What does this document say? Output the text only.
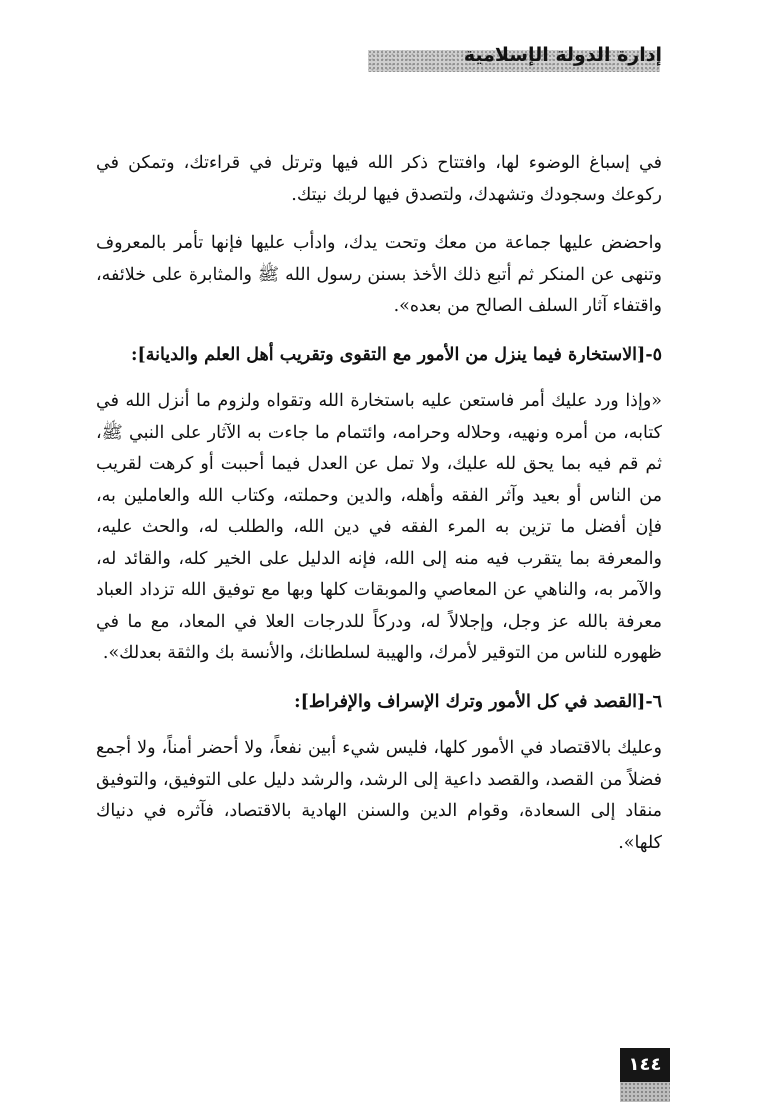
إدارة الدولة الإسلامية

في إسباغ الوضوء لها، وافتتاح ذكر الله فيها وترتل في قراءتك، وتمكن في ركوعك وسجودك وتشهدك، ولتصدق فيها لربك نيتك.

واحضض عليها جماعة من معك وتحت يدك، وادأب عليها فإنها تأمر بالمعروف وتنهى عن المنكر ثم أتبع ذلك الأخذ بسنن رسول الله ﷺ والمثابرة على خلائفه، واقتفاء آثار السلف الصالح من بعده».

٥-[الاستخارة فيما ينزل من الأمور مع التقوى وتقريب أهل العلم والديانة]:

«وإذا ورد عليك أمر فاستعن عليه باستخارة الله وتقواه ولزوم ما أنزل الله في كتابه، من أمره ونهيه، وحلاله وحرامه، وائتمام ما جاءت به الآثار على النبي ﷺ، ثم قم فيه بما يحق لله عليك، ولا تمل عن العدل فيما أحببت أو كرهت لقريب من الناس أو بعيد وآثر الفقه وأهله، والدين وحملته، وكتاب الله والعاملين به، فإن أفضل ما تزين به المرء الفقه في دين الله، والطلب له، والحث عليه، والمعرفة بما يتقرب فيه منه إلى الله، فإنه الدليل على الخير كله، والقائد له، والآمر به، والناهي عن المعاصي والموبقات كلها وبها مع توفيق الله تزداد العباد معرفة بالله عز وجل، وإجلالاً له، ودركاً للدرجات العلا في المعاد، مع ما في ظهوره للناس من التوقير لأمرك، والهيبة لسلطانك، والأنسة بك والثقة بعدلك».

٦-[القصد في كل الأمور وترك الإسراف والإفراط]:

وعليك بالاقتصاد في الأمور كلها، فليس شيء أبين نفعاً، ولا أحضر أمناً، ولا أجمع فضلاً من القصد، والقصد داعية إلى الرشد، والرشد دليل على التوفيق، والتوفيق منقاد إلى السعادة، وقوام الدين والسنن الهادية بالاقتصاد، فآثره في دنياك كلها».

١٤٤
